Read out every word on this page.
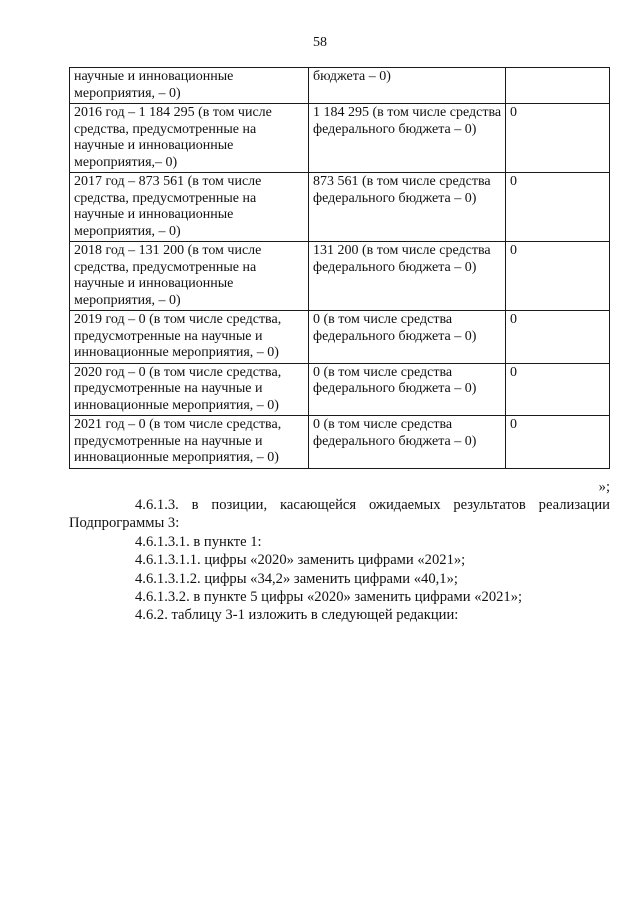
58
научные и инновационные мероприятия, – 0)	бюджета – 0)	
2016 год – 1 184 295 (в том числе средства, предусмотренные на научные и инновационные мероприятия,– 0)	1 184 295 (в том числе средства федерального бюджета – 0)	0
2017 год – 873 561 (в том числе средства, предусмотренные на научные и инновационные мероприятия, – 0)	873 561 (в том числе средства федерального бюджета – 0)	0
2018 год – 131 200 (в том числе средства, предусмотренные на научные и инновационные мероприятия, – 0)	131 200 (в том числе средства федерального бюджета – 0)	0
2019 год – 0 (в том числе средства, предусмотренные на научные и инновационные мероприятия, – 0)	0 (в том числе средства федерального бюджета – 0)	0
2020 год – 0 (в том числе средства, предусмотренные на научные и инновационные мероприятия, – 0)	0 (в том числе средства федерального бюджета – 0)	0
2021 год – 0 (в том числе средства, предусмотренные на научные и инновационные мероприятия, – 0)	0 (в том числе средства федерального бюджета – 0)	0
»;
4.6.1.3. в позиции, касающейся ожидаемых результатов реализации
Подпрограммы 3:
4.6.1.3.1. в пункте 1:
4.6.1.3.1.1. цифры «2020» заменить цифрами «2021»;
4.6.1.3.1.2. цифры «34,2» заменить цифрами «40,1»;
4.6.1.3.2. в пункте 5 цифры «2020» заменить цифрами «2021»;
4.6.2. таблицу 3-1 изложить в следующей редакции:
